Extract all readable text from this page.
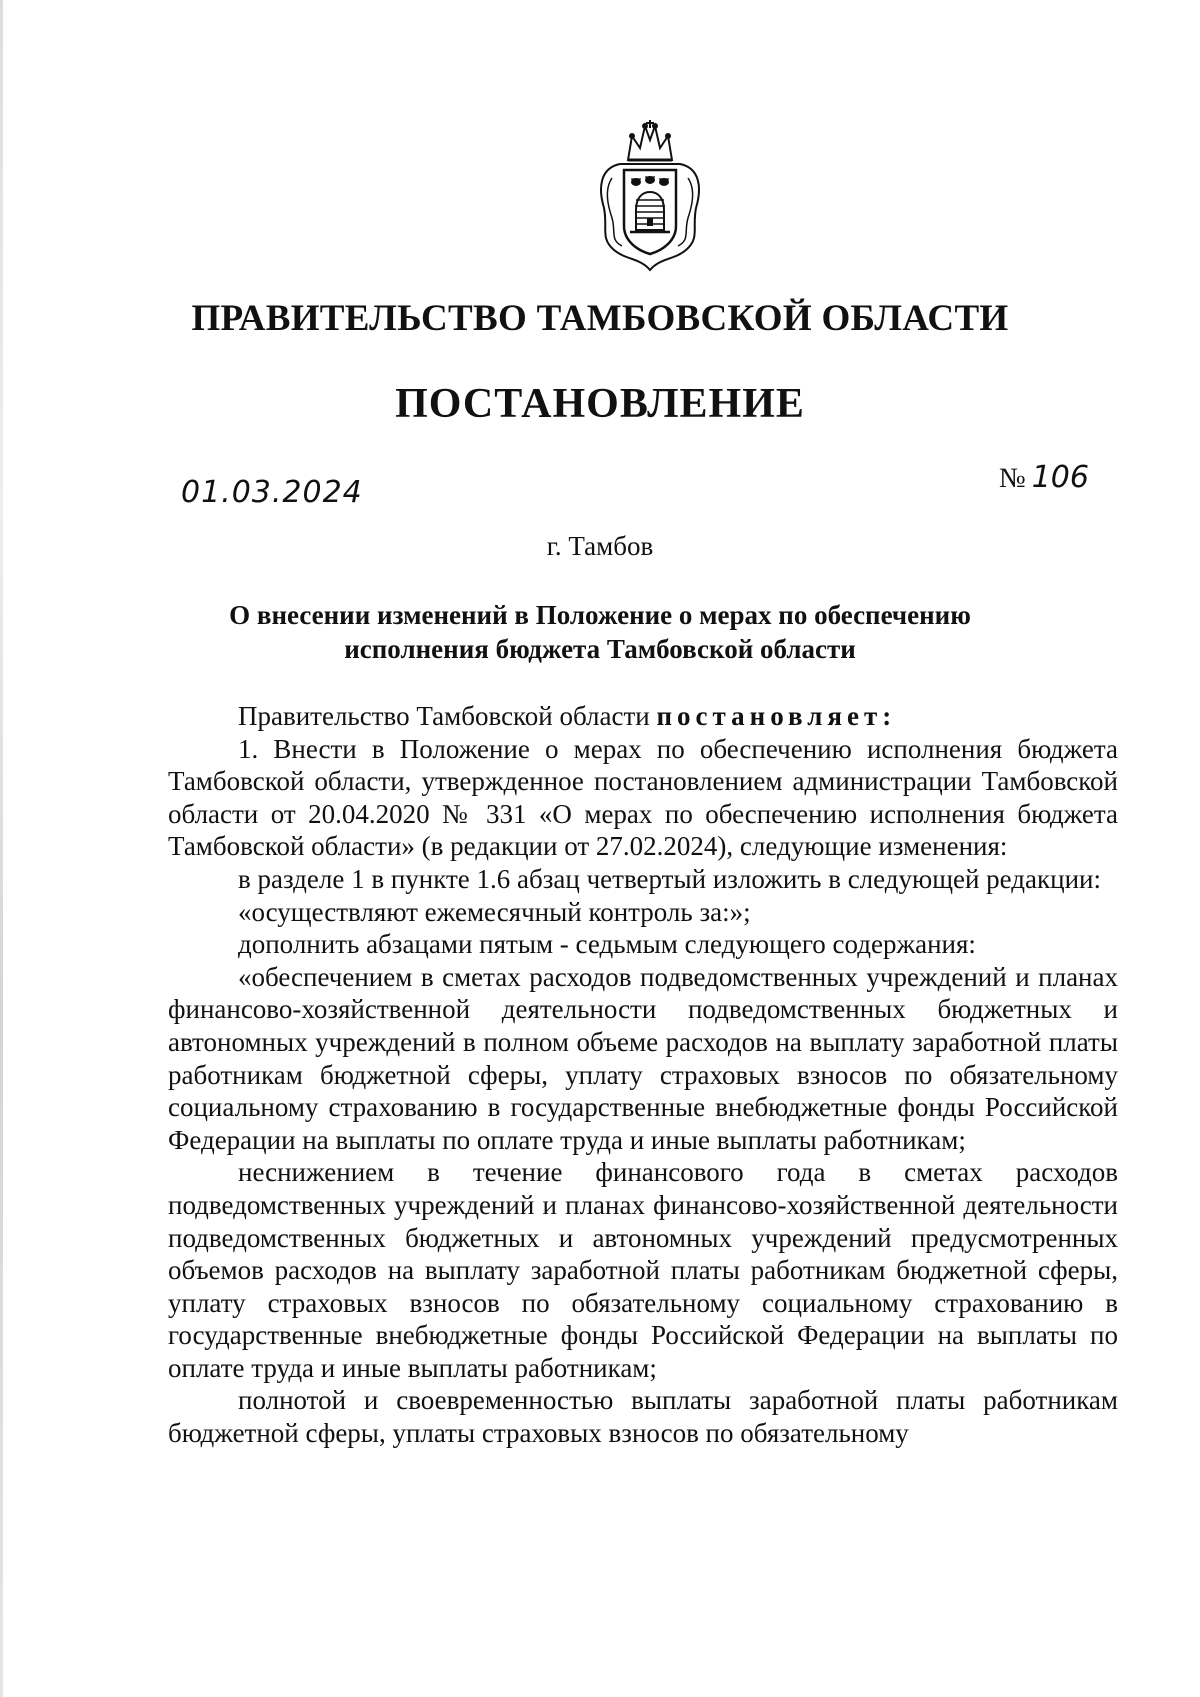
ПРАВИТЕЛЬСТВО ТАМБОВСКОЙ ОБЛАСТИ
ПОСТАНОВЛЕНИЕ
01.03.2024	№ 106
г. Тамбов
О внесении изменений в Положение о мерах по обеспечению
исполнения бюджета Тамбовской области

Правительство Тамбовской области постановляет:

1. Внести в Положение о мерах по обеспечению исполнения бюджета Тамбовской области, утвержденное постановлением администрации Тамбовской области от 20.04.2020 № 331 «О мерах по обеспечению исполнения бюджета Тамбовской области» (в редакции от 27.02.2024), следующие изменения:

в разделе 1 в пункте 1.6 абзац четвертый изложить в следующей редакции:

«осуществляют ежемесячный контроль за:»;

дополнить абзацами пятым - седьмым следующего содержания:

«обеспечением в сметах расходов подведомственных учреждений и планах финансово-хозяйственной деятельности подведомственных бюджетных и автономных учреждений в полном объеме расходов на выплату заработной платы работникам бюджетной сферы, уплату страховых взносов по обязательному социальному страхованию в государственные внебюджетные фонды Российской Федерации на выплаты по оплате труда и иные выплаты работникам;

неснижением в течение финансового года в сметах расходов подведомственных учреждений и планах финансово-хозяйственной деятельности подведомственных бюджетных и автономных учреждений предусмотренных объемов расходов на выплату заработной платы работникам бюджетной сферы, уплату страховых взносов по обязательному социальному страхованию в государственные внебюджетные фонды Российской Федерации на выплаты по оплате труда и иные выплаты работникам;

полнотой и своевременностью выплаты заработной платы работникам бюджетной сферы, уплаты страховых взносов по обязательному
